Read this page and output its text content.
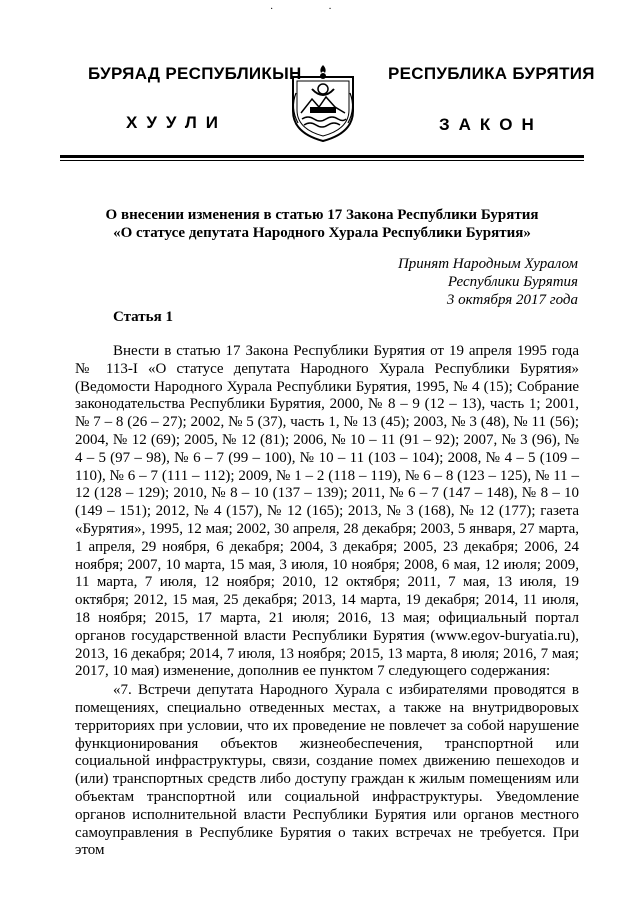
·                      ·
БУРЯАД РЕСПУБЛИКЫН	РЕСПУБЛИКА БУРЯТИЯ
ХУУЛИ	ЗАКОН
О внесении изменения в статью 17 Закона Республики Бурятия
«О статусе депутата Народного Хурала Республики Бурятия»
Принят Народным Хуралом
Республики Бурятия
3 октября 2017 года
Статья 1

Внести в статью 17 Закона Республики Бурятия от 19 апреля 1995 года № 113-I «О статусе депутата Народного Хурала Республики Бурятия» (Ведомости Народного Хурала Республики Бурятия, 1995, № 4 (15); Собрание законодательства Республики Бурятия, 2000, № 8 – 9 (12 – 13), часть 1; 2001, № 7 – 8 (26 – 27); 2002, № 5 (37), часть 1, № 13 (45); 2003, № 3 (48), № 11 (56); 2004, № 12 (69); 2005, № 12 (81); 2006, № 10 – 11 (91 – 92); 2007, № 3 (96), № 4 – 5 (97 – 98), № 6 – 7 (99 – 100), № 10 – 11 (103 – 104); 2008, № 4 – 5 (109 – 110), № 6 – 7 (111 – 112); 2009, № 1 – 2 (118 – 119), № 6 – 8 (123 – 125), № 11 – 12 (128 – 129); 2010, № 8 – 10 (137 – 139); 2011, № 6 – 7 (147 – 148), № 8 – 10 (149 – 151); 2012, № 4 (157), № 12 (165); 2013, № 3 (168), № 12 (177); газета «Бурятия», 1995, 12 мая; 2002, 30 апреля, 28 декабря; 2003, 5 января, 27 марта, 1 апреля, 29 ноября, 6 декабря; 2004, 3 декабря; 2005, 23 декабря; 2006, 24 ноября; 2007, 10 марта, 15 мая, 3 июля, 10 ноября; 2008, 6 мая, 12 июля; 2009, 11 марта, 7 июля, 12 ноября; 2010, 12 октября; 2011, 7 мая, 13 июля, 19 октября; 2012, 15 мая, 25 декабря; 2013, 14 марта, 19 декабря; 2014, 11 июля, 18 ноября; 2015, 17 марта, 21 июля; 2016, 13 мая; официальный портал органов государственной власти Республики Бурятия (www.egov-buryatia.ru), 2013, 16 декабря; 2014, 7 июля, 13 ноября; 2015, 13 марта, 8 июля; 2016, 7 мая; 2017, 10 мая) изменение, дополнив ее пунктом 7 следующего содержания:

«7. Встречи депутата Народного Хурала с избирателями проводятся в помещениях, специально отведенных местах, а также на внутридворовых территориях при условии, что их проведение не повлечет за собой нарушение функционирования объектов жизнеобеспечения, транспортной или социальной инфраструктуры, связи, создание помех движению пешеходов и (или) транспортных средств либо доступу граждан к жилым помещениям или объектам транспортной или социальной инфраструктуры. Уведомление органов исполнительной власти Республики Бурятия или органов местного самоуправления в Республике Бурятия о таких встречах не требуется. При этом
